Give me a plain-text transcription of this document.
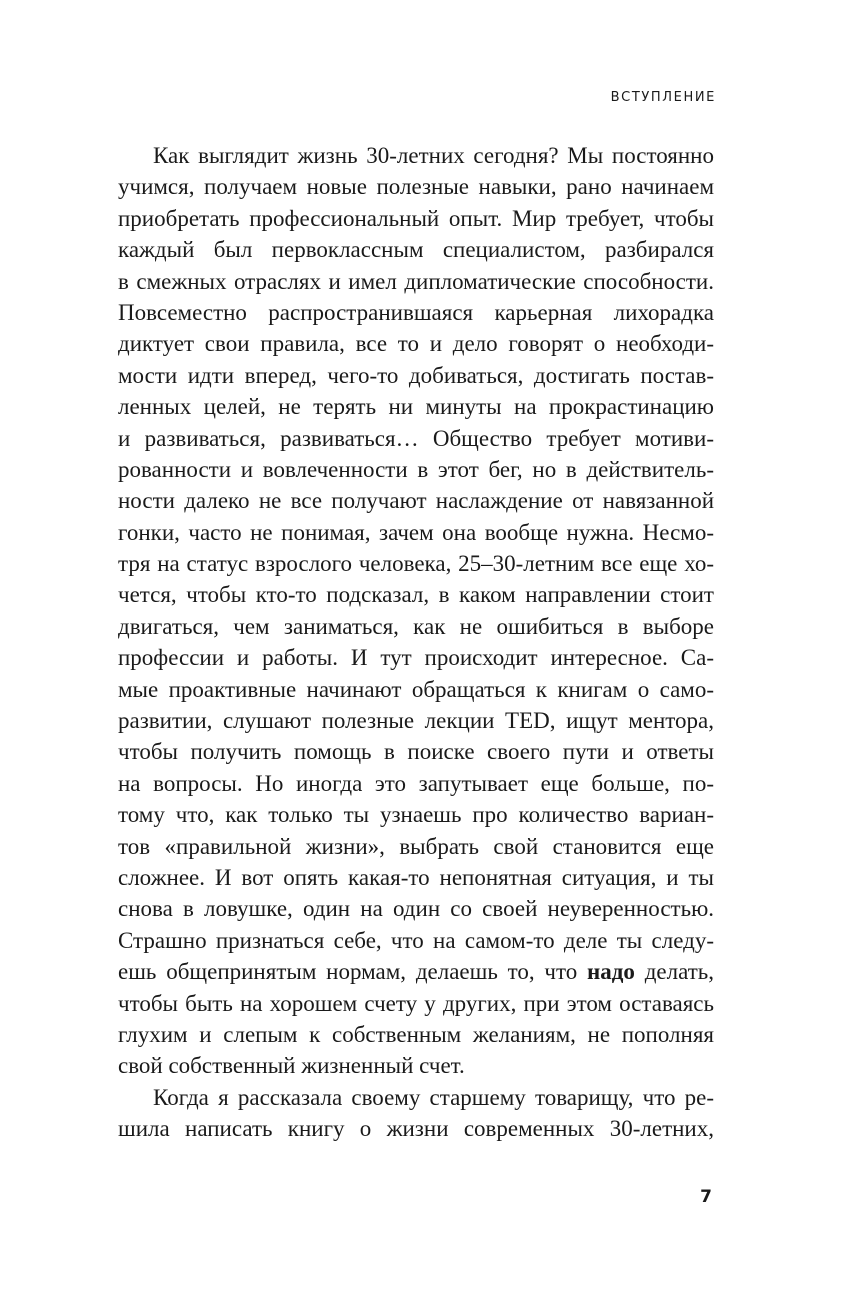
ВСТУПЛЕНИЕ
Как выглядит жизнь 30-летних сегодня? Мы постоянно
учимся, получаем новые полезные навыки, рано начинаем
приобретать профессиональный опыт. Мир требует, чтобы
каждый был первоклассным специалистом, разбирался
в смежных отраслях и имел дипломатические способности.
Повсеместно распространившаяся карьерная лихорадка
диктует свои правила, все то и дело говорят о необходи-
мости идти вперед, чего-то добиваться, достигать постав-
ленных целей, не терять ни минуты на прокрастинацию
и развиваться, развиваться… Общество требует мотиви-
рованности и вовлеченности в этот бег, но в действитель-
ности далеко не все получают наслаждение от навязанной
гонки, часто не понимая, зачем она вообще нужна. Несмо-
тря на статус взрослого человека, 25–30-летним все еще хо-
чется, чтобы кто-то подсказал, в каком направлении стоит
двигаться, чем заниматься, как не ошибиться в выборе
профессии и работы. И тут происходит интересное. Са-
мые проактивные начинают обращаться к книгам о само-
развитии, слушают полезные лекции TED, ищут ментора,
чтобы получить помощь в поиске своего пути и ответы
на вопросы. Но иногда это запутывает еще больше, по-
тому что, как только ты узнаешь про количество вариан-
тов «правильной жизни», выбрать свой становится еще
сложнее. И вот опять какая-то непонятная ситуация, и ты
снова в ловушке, один на один со своей неуверенностью.
Страшно признаться себе, что на самом-то деле ты следу-
ешь общепринятым нормам, делаешь то, что надо делать,
чтобы быть на хорошем счету у других, при этом оставаясь
глухим и слепым к собственным желаниям, не пополняя
свой собственный жизненный счет.
Когда я рассказала своему старшему товарищу, что ре-
шила написать книгу о жизни современных 30-летних,
7
